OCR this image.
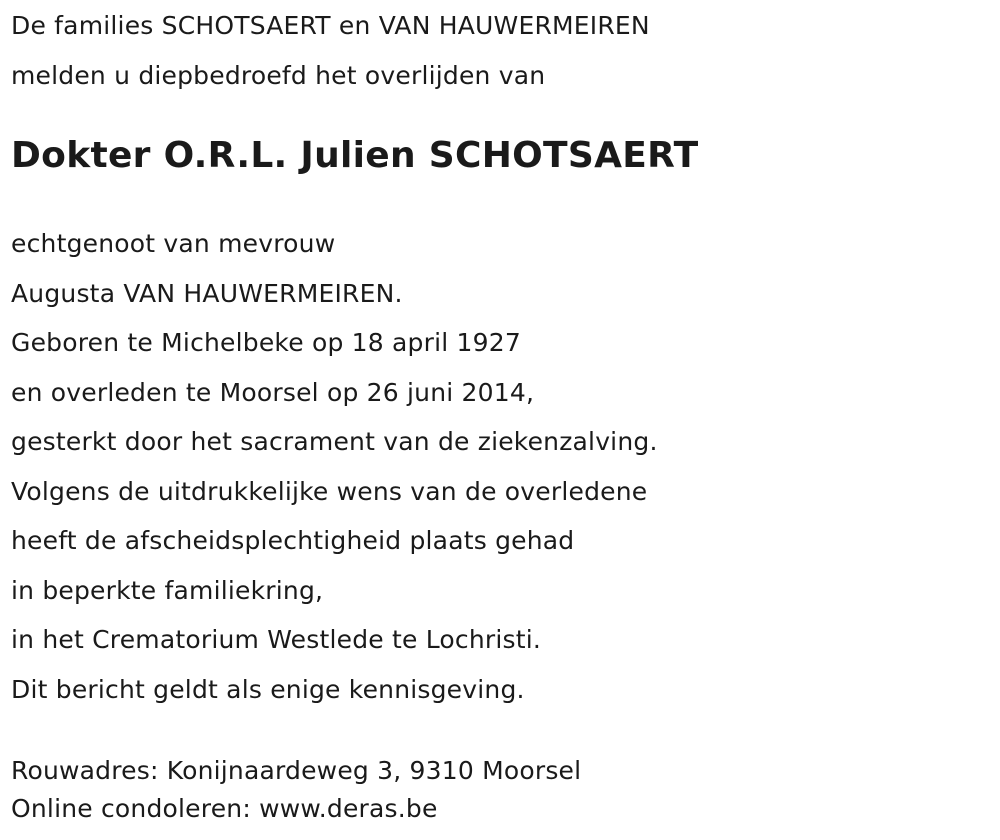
De families SCHOTSAERT en VAN HAUWERMEIREN
melden u diepbedroefd het overlijden van
Dokter O.R.L. Julien SCHOTSAERT
echtgenoot van mevrouw
Augusta VAN HAUWERMEIREN.
Geboren te Michelbeke op 18 april 1927
en overleden te Moorsel op 26 juni 2014,
gesterkt door het sacrament van de ziekenzalving.
Volgens de uitdrukkelijke wens van de overledene
heeft de afscheidsplechtigheid plaats gehad
in beperkte familiekring,
in het Crematorium Westlede te Lochristi.
Dit bericht geldt als enige kennisgeving.
Rouwadres: Konijnaardeweg 3, 9310 Moorsel
Online condoleren: www.deras.be
